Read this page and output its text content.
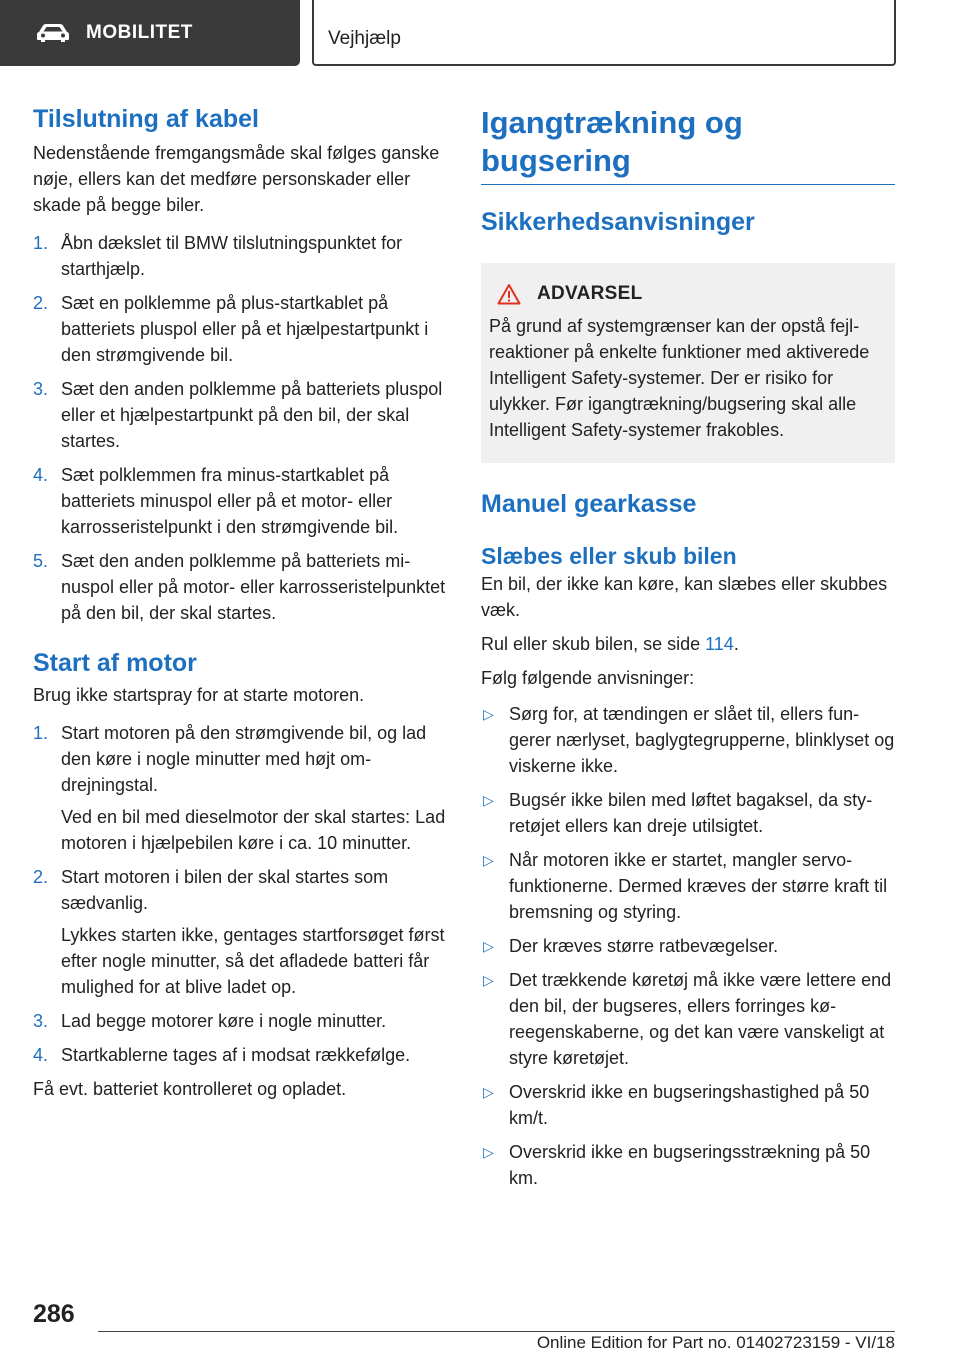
MOBILITET	Vejhjælp
Tilslutning af kabel

Nedenstående fremgangsmåde skal følges ganske nøje, ellers kan det medføre personskader eller skade på begge biler.

1. Åbn dækslet til BMW tilslutningspunktet for starthjælp.
2. Sæt en polklemme på plus-startkablet på batteriets pluspol eller på et hjælpestartpunkt i den strømgivende bil.
3. Sæt den anden polklemme på batteriets pluspol eller et hjælpestartpunkt på den bil, der skal startes.
4. Sæt polklemmen fra minus-startkablet på batteriets minuspol eller på et motor- eller karrosseristelpunkt i den strømgivende bil.
5. Sæt den anden polklemme på batteriets minuspol eller på motor- eller karrosseristelpunktet på den bil, der skal startes.
Start af motor

Brug ikke startspray for at starte motoren.

1. Start motoren på den strømgivende bil, og lad den køre i nogle minutter med højt omdrejningstal.
Ved en bil med dieselmotor der skal startes: Lad motoren i hjælpebilen køre i ca. 10 minutter.
2. Start motoren i bilen der skal startes som sædvanlig.
Lykkes starten ikke, gentages startforsøget først efter nogle minutter, så det afladede batteri får mulighed for at blive ladet op.
3. Lad begge motorer køre i nogle minutter.
4. Startkablerne tages af i modsat rækkefølge.

Få evt. batteriet kontrolleret og opladet.

Igangtrækning og bugsering
Sikkerhedsanvisninger
ADVARSEL

På grund af systemgrænser kan der opstå fejlreaktioner på enkelte funktioner med aktiverede Intelligent Safety-systemer. Der er risiko for ulykker. Før igangtrækning/bugsering skal alle Intelligent Safety-systemer frakobles.

Manuel gearkasse
Slæbes eller skub bilen

En bil, der ikke kan køre, kan slæbes eller skubbes væk.

Rul eller skub bilen, se side 114.

Følg følgende anvisninger:

▷ Sørg for, at tændingen er slået til, ellers fungerer nærlyset, baglygtegrupperne, blinklyset og viskerne ikke.
▷ Bugsér ikke bilen med løftet bagaksel, da styretøjet ellers kan dreje utilsigtet.
▷ Når motoren ikke er startet, mangler servofunktionerne. Dermed kræves der større kraft til bremsning og styring.
▷ Der kræves større ratbevægelser.
▷ Det trækkende køretøj må ikke være lettere end den bil, der bugseres, ellers forringes køreegenskaberne, og det kan være vanskeligt at styre køretøjet.
▷ Overskrid ikke en bugseringshastighed på 50 km/t.
▷ Overskrid ikke en bugseringsstrækning på 50 km.
286
Online Edition for Part no. 01402723159 - VI/18
